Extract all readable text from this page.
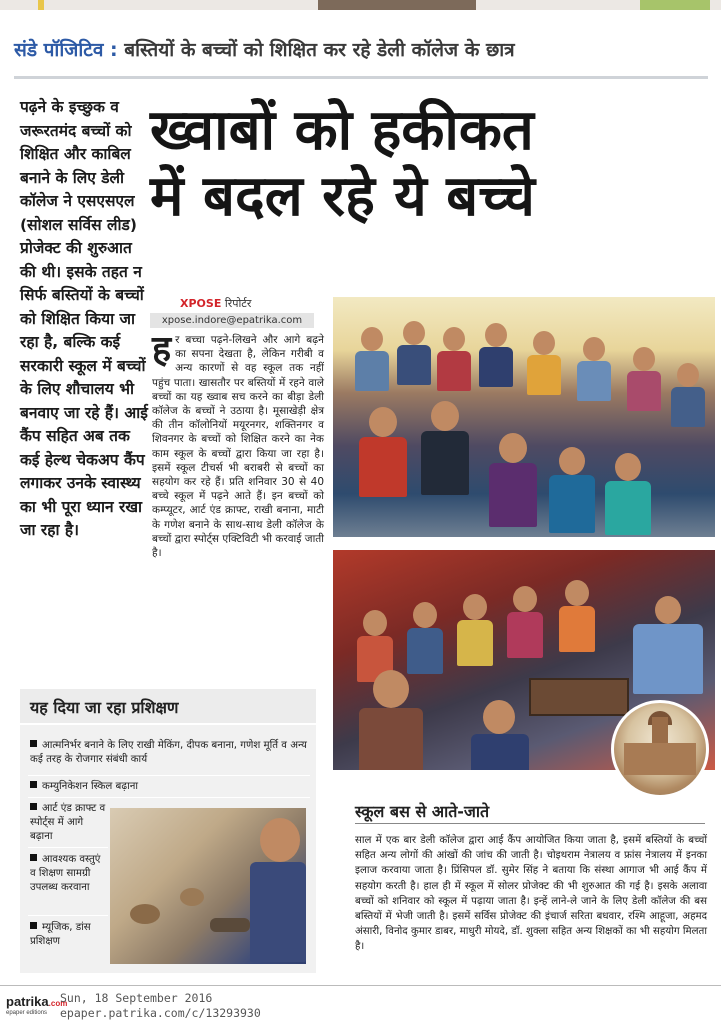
संडे पॉजिटिव : बस्तियों के बच्चों को शिक्षित कर रहे डेली कॉलेज के छात्र
ख्वाबों को हकीकत
में बदल रहे ये बच्चे
पढ़ने के इच्छुक व जरूरतमंद बच्चों को शिक्षित और काबिल बनाने के लिए डेली कॉलेज ने एसएसएल (सोशल सर्विस लीड) प्रोजेक्ट की शुरुआत की थी। इसके तहत न सिर्फ बस्तियों के बच्चों को शिक्षित किया जा रहा है, बल्कि कई सरकारी स्कूल में बच्चों के लिए शौचालय भी बनवाए जा रहे हैं। आई कैंप सहित अब तक कई हेल्थ चेकअप कैंप लगाकर उनके स्वास्थ्य का भी पूरा ध्यान रखा जा रहा है।
XPOSE रिपोर्टर
xpose.indore@epatrika.com
हर बच्चा पढ़ने-लिखने और आगे बढ़ने का सपना देखता है, लेकिन गरीबी व अन्य कारणों से वह स्कूल तक नहीं पहुंच पाता। खासतौर पर बस्तियों में रहने वाले बच्चों का यह ख्वाब सच करने का बीड़ा डेली कॉलेज के बच्चों ने उठाया है। मूसाखेड़ी क्षेत्र की तीन कॉलोनियों मयूरनगर, शक्तिनगर व शिवनगर के बच्चों को शिक्षित करने का नेक काम स्कूल के बच्चों द्वारा किया जा रहा है। इसमें स्कूल टीचर्स भी बराबरी से बच्चों का सहयोग कर रहे हैं। प्रति शनिवार 30 से 40 बच्चे स्कूल में पढ़ने आते हैं। इन बच्चों को कम्प्यूटर, आर्ट एंड क्राफ्ट, राखी बनाना, माटी के गणेश बनाने के साथ-साथ डेली कॉलेज के बच्चों द्वारा स्पोर्ट्स एक्टिविटी भी करवाई जाती है।
यह दिया जा रहा प्रशिक्षण
आत्मनिर्भर बनाने के लिए राखी मेकिंग, दीपक बनाना, गणेश मूर्ति व अन्य कई तरह के रोजगार संबंधी कार्य
कम्युनिकेशन स्किल बढ़ाना
आर्ट एंड क्राफ्ट व स्पोर्ट्स में आगे बढ़ाना
आवश्यक वस्तुएं व शिक्षण सामग्री उपलब्ध करवाना
म्यूजिक, डांस प्रशिक्षण
स्कूल बस से आते-जाते
साल में एक बार डेली कॉलेज द्वारा आई कैंप आयोजित किया जाता है, इसमें बस्तियों के बच्चों सहित अन्य लोगों की आंखों की जांच की जाती है। चोइथराम नेत्रालय व फ्रांस नेत्रालय में इनका इलाज करवाया जाता है। प्रिंसिपल डॉ. सुमेर सिंह ने बताया कि संस्था आगाज भी आई कैंप में सहयोग करती है। हाल ही में स्कूल में सोलर प्रोजेक्ट की भी शुरुआत की गई है। इसके अलावा बच्चों को शनिवार को स्कूल में पढ़ाया जाता है। इन्हें लाने-ले जाने के लिए डेली कॉलेज की बस बस्तियों में भेजी जाती है। इसमें सर्विस प्रोजेक्ट की इंचार्ज सरिता बधवार, रश्मि आहूजा, अहमद अंसारी, विनोद कुमार डाबर, माधुरी मोयदे, डॉ. शुक्ला सहित अन्य शिक्षकों का भी सहयोग मिलता है।
patrika.com
epaper editions
Sun, 18 September 2016
epaper.patrika.com/c/13293930
